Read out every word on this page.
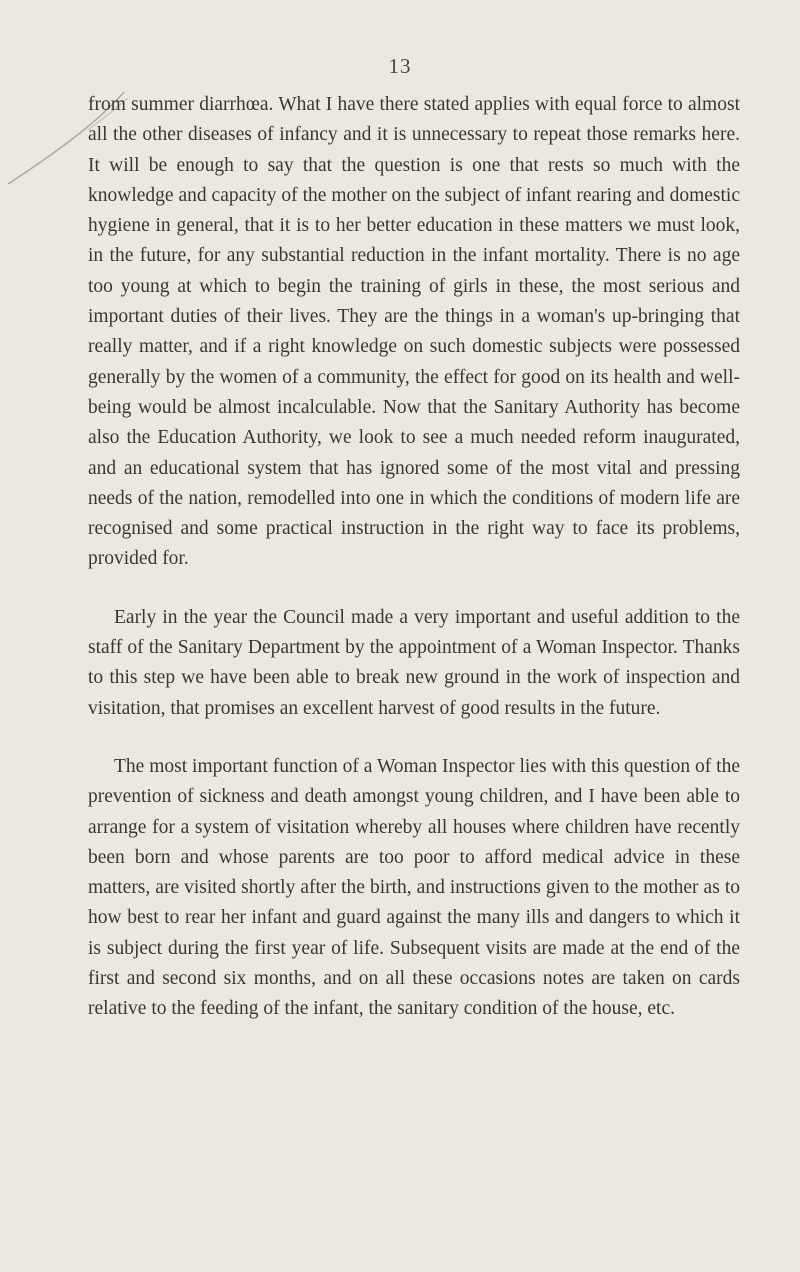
13

from summer diarrhœa. What I have there stated applies with equal force to almost all the other diseases of infancy and it is unnecessary to repeat those remarks here. It will be enough to say that the question is one that rests so much with the knowledge and capacity of the mother on the subject of infant rearing and domestic hygiene in general, that it is to her better education in these matters we must look, in the future, for any substantial reduction in the infant mortality. There is no age too young at which to begin the training of girls in these, the most serious and important duties of their lives. They are the things in a woman's up-bringing that really matter, and if a right knowledge on such domestic subjects were possessed generally by the women of a community, the effect for good on its health and well-being would be almost incalculable. Now that the Sanitary Authority has become also the Education Authority, we look to see a much needed reform inaugurated, and an educational system that has ignored some of the most vital and pressing needs of the nation, remodelled into one in which the conditions of modern life are recognised and some practical instruction in the right way to face its problems, provided for.

Early in the year the Council made a very important and useful addition to the staff of the Sanitary Department by the appointment of a Woman Inspector. Thanks to this step we have been able to break new ground in the work of inspection and visitation, that promises an excellent harvest of good results in the future.

The most important function of a Woman Inspector lies with this question of the prevention of sickness and death amongst young children, and I have been able to arrange for a system of visitation whereby all houses where children have recently been born and whose parents are too poor to afford medical advice in these matters, are visited shortly after the birth, and instructions given to the mother as to how best to rear her infant and guard against the many ills and dangers to which it is subject during the first year of life. Subsequent visits are made at the end of the first and second six months, and on all these occasions notes are taken on cards relative to the feeding of the infant, the sanitary condition of the house, etc.
